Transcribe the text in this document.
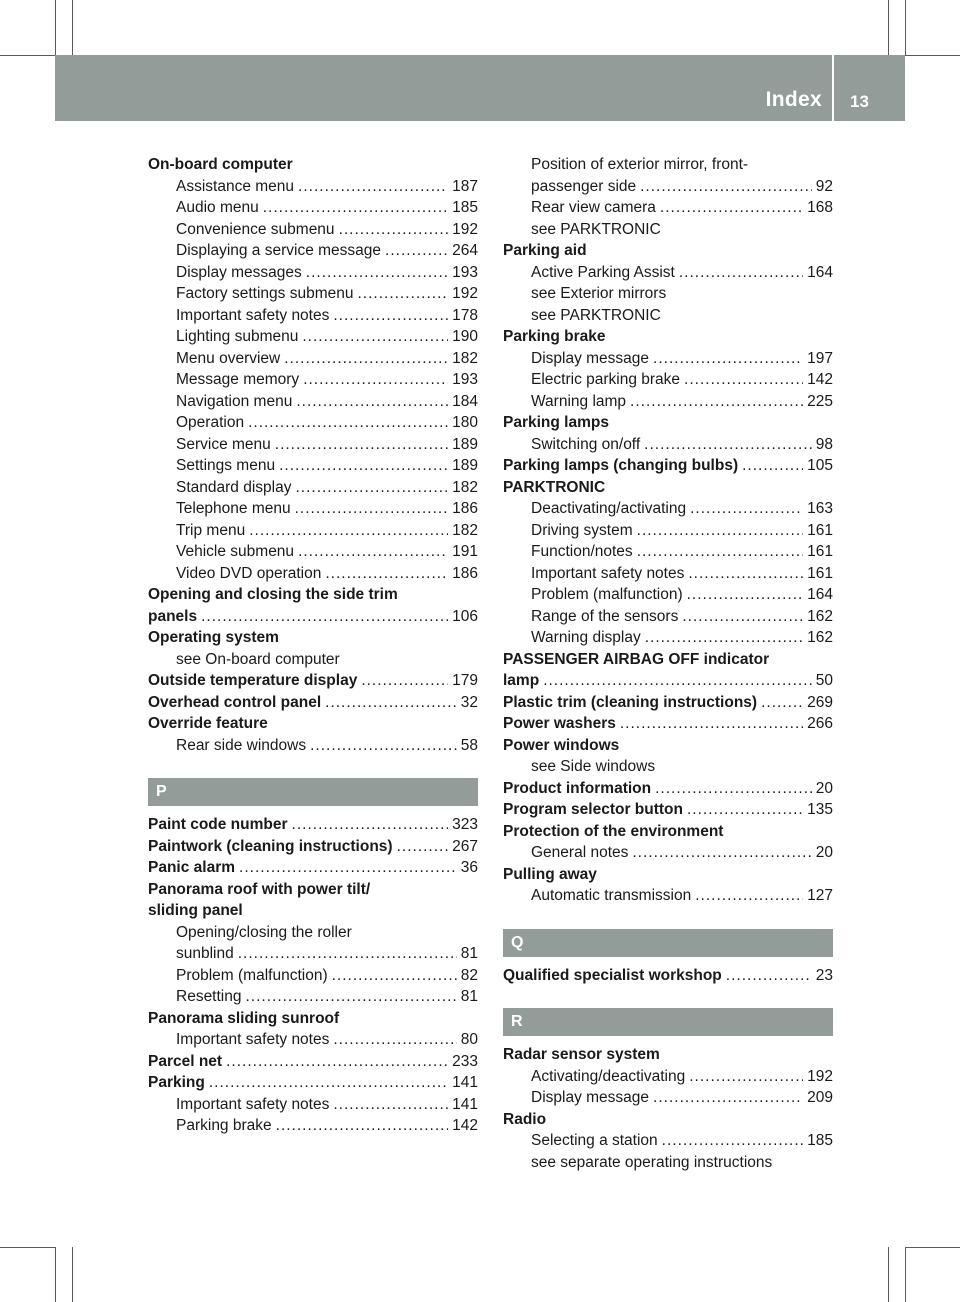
Index 13
On-board computer
Assistance menu .....	187
Audio menu .....	185
Convenience submenu .....	192
Displaying a service message .....	264
Display messages .....	193
Factory settings submenu .....	192
Important safety notes .....	178
Lighting submenu .....	190
Menu overview .....	182
Message memory .....	193
Navigation menu .....	184
Operation .....	180
Service menu .....	189
Settings menu .....	189
Standard display .....	182
Telephone menu .....	186
Trip menu .....	182
Vehicle submenu .....	191
Video DVD operation .....	186
Opening and closing the side trim
panels .....	106
Operating system
see On-board computer
Outside temperature display .....	179
Overhead control panel .....	32
Override feature
Rear side windows .....	58
P
Paint code number .....	323
Paintwork (cleaning instructions) .....	267
Panic alarm .....	36
Panorama roof with power tilt/
sliding panel
Opening/closing the roller
sunblind .....	81
Problem (malfunction) .....	82
Resetting .....	81
Panorama sliding sunroof
Important safety notes .....	80
Parcel net .....	233
Parking .....	141
Important safety notes .....	141
Parking brake .....	142
Position of exterior mirror, front-
passenger side .....	92
Rear view camera .....	168
see PARKTRONIC
Parking aid
Active Parking Assist .....	164
see Exterior mirrors
see PARKTRONIC
Parking brake
Display message .....	197
Electric parking brake .....	142
Warning lamp .....	225
Parking lamps
Switching on/off .....	98
Parking lamps (changing bulbs) .....	105
PARKTRONIC
Deactivating/activating .....	163
Driving system .....	161
Function/notes .....	161
Important safety notes .....	161
Problem (malfunction) .....	164
Range of the sensors .....	162
Warning display .....	162
PASSENGER AIRBAG OFF indicator
lamp .....	50
Plastic trim (cleaning instructions) .....	269
Power washers .....	266
Power windows
see Side windows
Product information .....	20
Program selector button .....	135
Protection of the environment
General notes .....	20
Pulling away
Automatic transmission .....	127
Q
Qualified specialist workshop .....	23
R
Radar sensor system
Activating/deactivating .....	192
Display message .....	209
Radio
Selecting a station .....	185
see separate operating instructions
